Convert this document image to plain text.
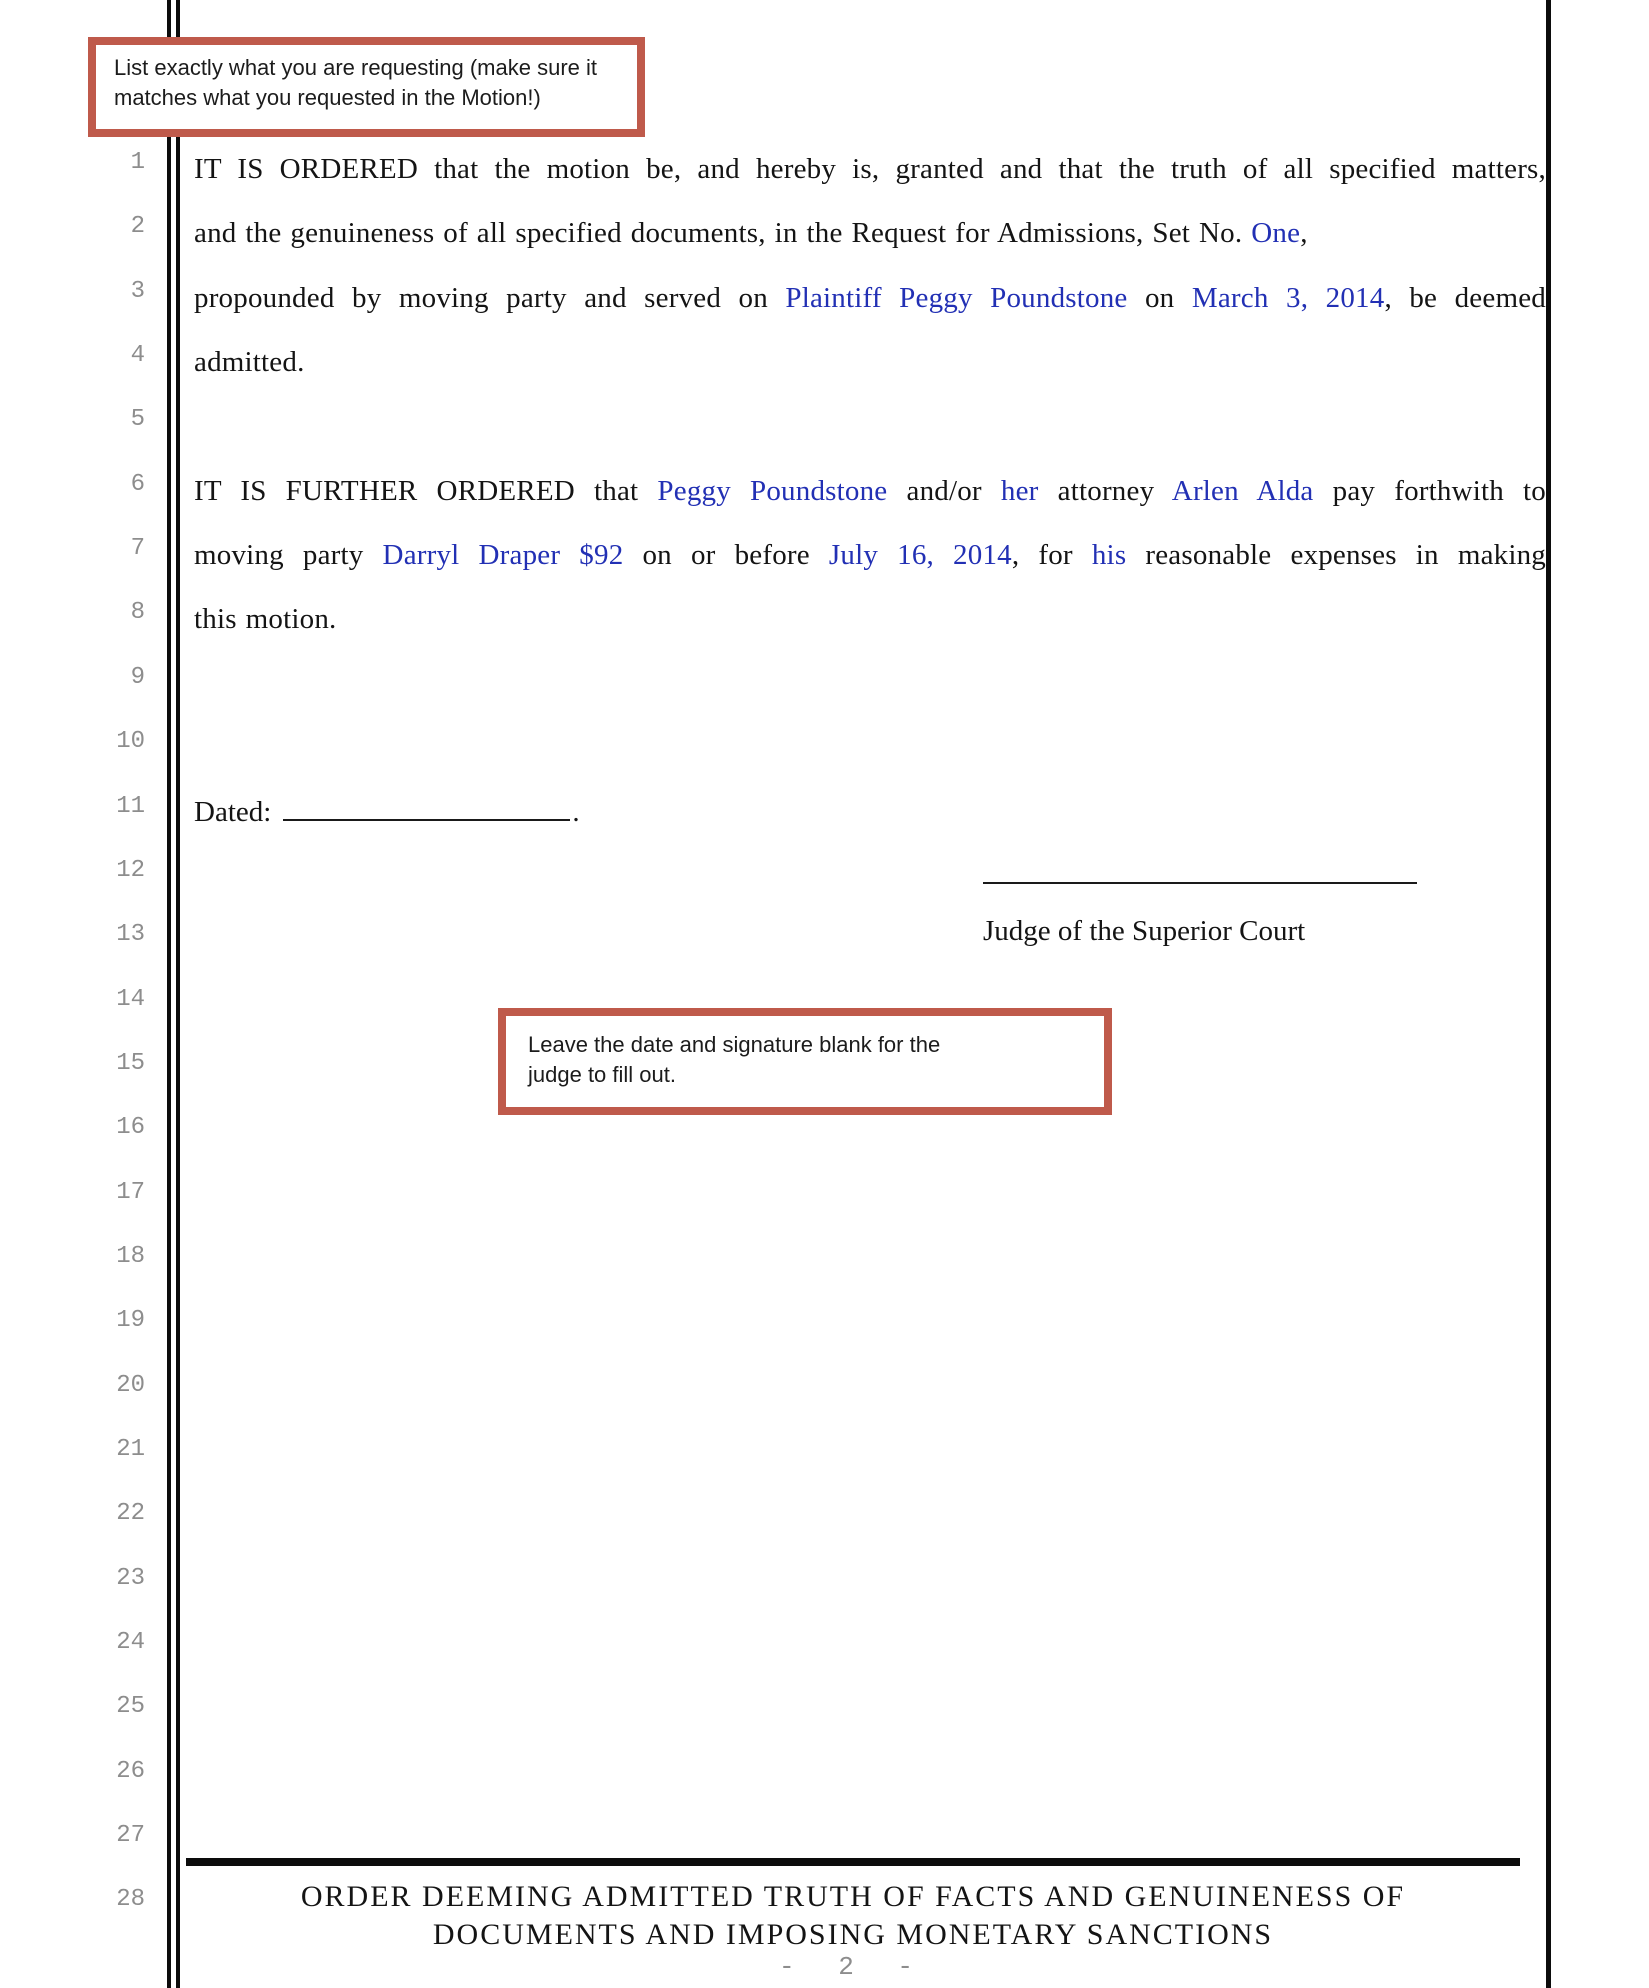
1
2
3
4
5
6
7
8
9
10
11
12
13
14
15
16
17
18
19
20
21
22
23
24
25
26
27
28
IT IS ORDERED that the motion be, and hereby is, granted and that the truth of all specified matters,
and the genuineness of all specified documents, in the Request for Admissions, Set No. One,
propounded by moving party and served on Plaintiff Peggy Poundstone on March 3, 2014, be deemed
admitted.
IT IS FURTHER ORDERED that Peggy Poundstone and/or her attorney Arlen Alda pay forthwith to
moving party Darryl Draper $92 on or before July 16, 2014, for his reasonable expenses in making
this motion.
Dated:	.
Judge of the Superior Court
List exactly what you are requesting (make sure it
matches what you requested in the Motion!)
Leave the date and signature blank for the
judge to fill out.
ORDER DEEMING ADMITTED TRUTH OF FACTS AND GENUINENESS OF
DOCUMENTS AND IMPOSING MONETARY SANCTIONS
- 2 -
